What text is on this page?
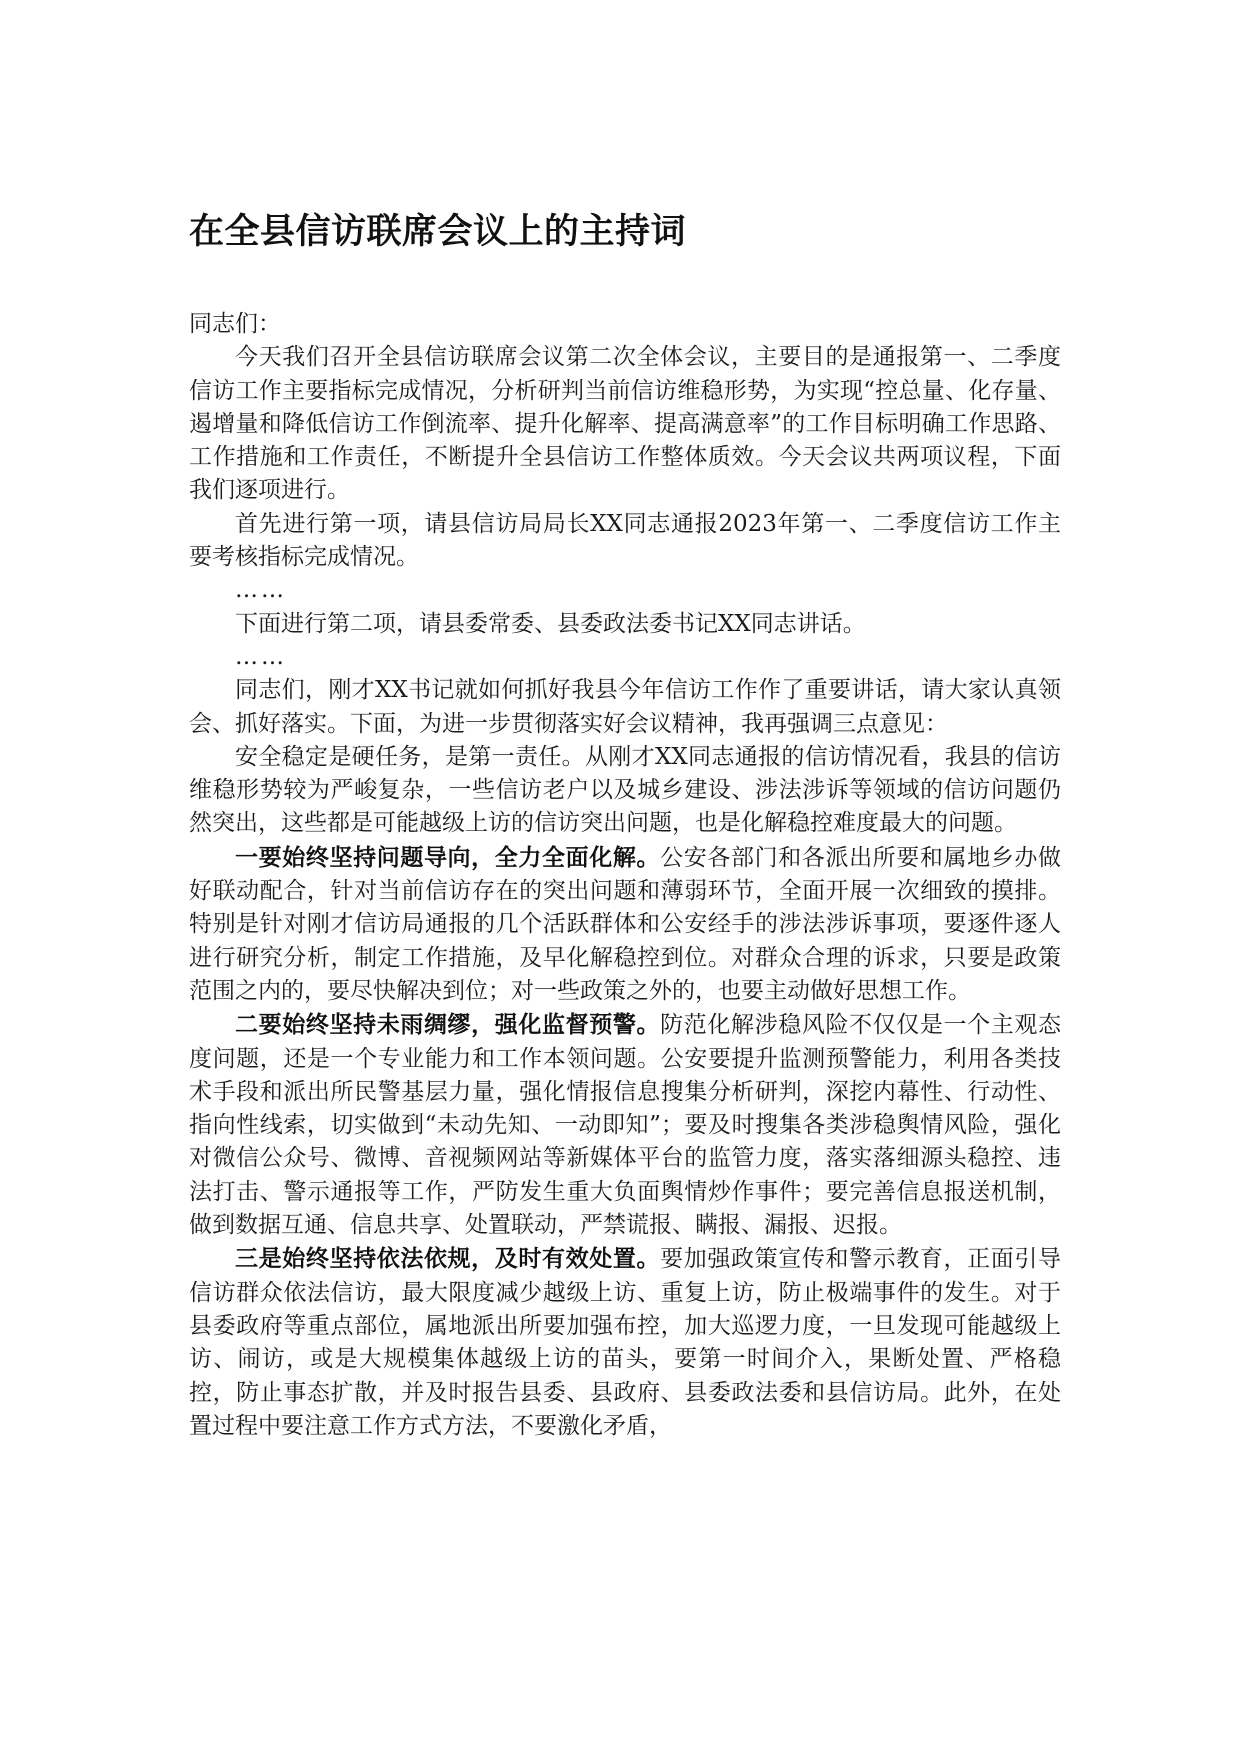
在全县信访联席会议上的主持词

同志们：

今天我们召开全县信访联席会议第二次全体会议，主要目的是通报第一、二季度信访工作主要指标完成情况，分析研判当前信访维稳形势，为实现“控总量、化存量、遏增量和降低信访工作倒流率、提升化解率、提高满意率”的工作目标明确工作思路、工作措施和工作责任，不断提升全县信访工作整体质效。今天会议共两项议程，下面我们逐项进行。

首先进行第一项，请县信访局局长XX同志通报2023年第一、二季度信访工作主要考核指标完成情况。

……

下面进行第二项，请县委常委、县委政法委书记XX同志讲话。

……

同志们，刚才XX书记就如何抓好我县今年信访工作作了重要讲话，请大家认真领会、抓好落实。下面，为进一步贯彻落实好会议精神，我再强调三点意见：

安全稳定是硬任务，是第一责任。从刚才XX同志通报的信访情况看，我县的信访维稳形势较为严峻复杂，一些信访老户以及城乡建设、涉法涉诉等领域的信访问题仍然突出，这些都是可能越级上访的信访突出问题，也是化解稳控难度最大的问题。

一要始终坚持问题导向，全力全面化解。公安各部门和各派出所要和属地乡办做好联动配合，针对当前信访存在的突出问题和薄弱环节，全面开展一次细致的摸排。特别是针对刚才信访局通报的几个活跃群体和公安经手的涉法涉诉事项，要逐件逐人进行研究分析，制定工作措施，及早化解稳控到位。对群众合理的诉求，只要是政策范围之内的，要尽快解决到位；对一些政策之外的，也要主动做好思想工作。

二要始终坚持未雨绸缪，强化监督预警。防范化解涉稳风险不仅仅是一个主观态度问题，还是一个专业能力和工作本领问题。公安要提升监测预警能力，利用各类技术手段和派出所民警基层力量，强化情报信息搜集分析研判，深挖内幕性、行动性、指向性线索，切实做到“未动先知、一动即知”；要及时搜集各类涉稳舆情风险，强化对微信公众号、微博、音视频网站等新媒体平台的监管力度，落实落细源头稳控、违法打击、警示通报等工作，严防发生重大负面舆情炒作事件；要完善信息报送机制，做到数据互通、信息共享、处置联动，严禁谎报、瞒报、漏报、迟报。

三是始终坚持依法依规，及时有效处置。要加强政策宣传和警示教育，正面引导信访群众依法信访，最大限度减少越级上访、重复上访，防止极端事件的发生。对于县委政府等重点部位，属地派出所要加强布控，加大巡逻力度，一旦发现可能越级上访、闹访，或是大规模集体越级上访的苗头，要第一时间介入，果断处置、严格稳控，防止事态扩散，并及时报告县委、县政府、县委政法委和县信访局。此外，在处置过程中要注意工作方式方法，不要激化矛盾，
